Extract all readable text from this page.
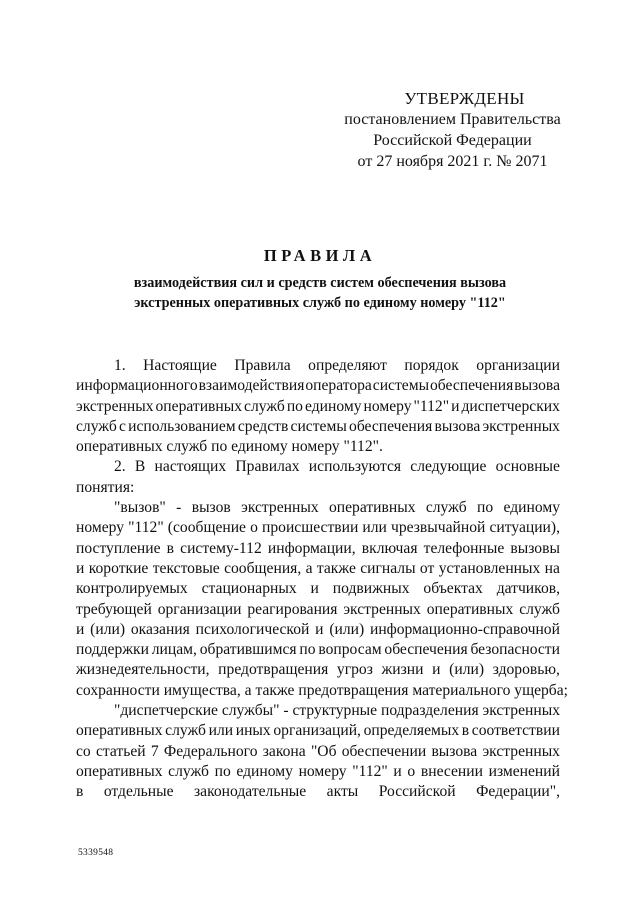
УТВЕРЖДЕНЫ
постановлением Правительства
Российской Федерации
от 27 ноября 2021 г. № 2071
ПРАВИЛА
взаимодействия сил и средств систем обеспечения вызова
экстренных оперативных служб по единому номеру "112"
1. Настоящие Правила определяют порядок организации
информационного взаимодействия оператора системы обеспечения вызова
экстренных оперативных служб по единому номеру "112" и диспетчерских
служб с использованием средств системы обеспечения вызова экстренных
оперативных служб по единому номеру "112".
2. В настоящих Правилах используются следующие основные
понятия:
"вызов" - вызов экстренных оперативных служб по единому
номеру "112" (сообщение о происшествии или чрезвычайной ситуации),
поступление в систему-112 информации, включая телефонные вызовы
и короткие текстовые сообщения, а также сигналы от установленных на
контролируемых стационарных и подвижных объектах датчиков,
требующей организации реагирования экстренных оперативных служб
и (или) оказания психологической и (или) информационно-справочной
поддержки лицам, обратившимся по вопросам обеспечения безопасности
жизнедеятельности, предотвращения угроз жизни и (или) здоровью,
сохранности имущества, а также предотвращения материального ущерба;
"диспетчерские службы" - структурные подразделения экстренных
оперативных служб или иных организаций, определяемых в соответствии
со статьей 7 Федерального закона "Об обеспечении вызова экстренных
оперативных служб по единому номеру "112" и о внесении изменений
в отдельные законодательные акты Российской Федерации",
5339548
